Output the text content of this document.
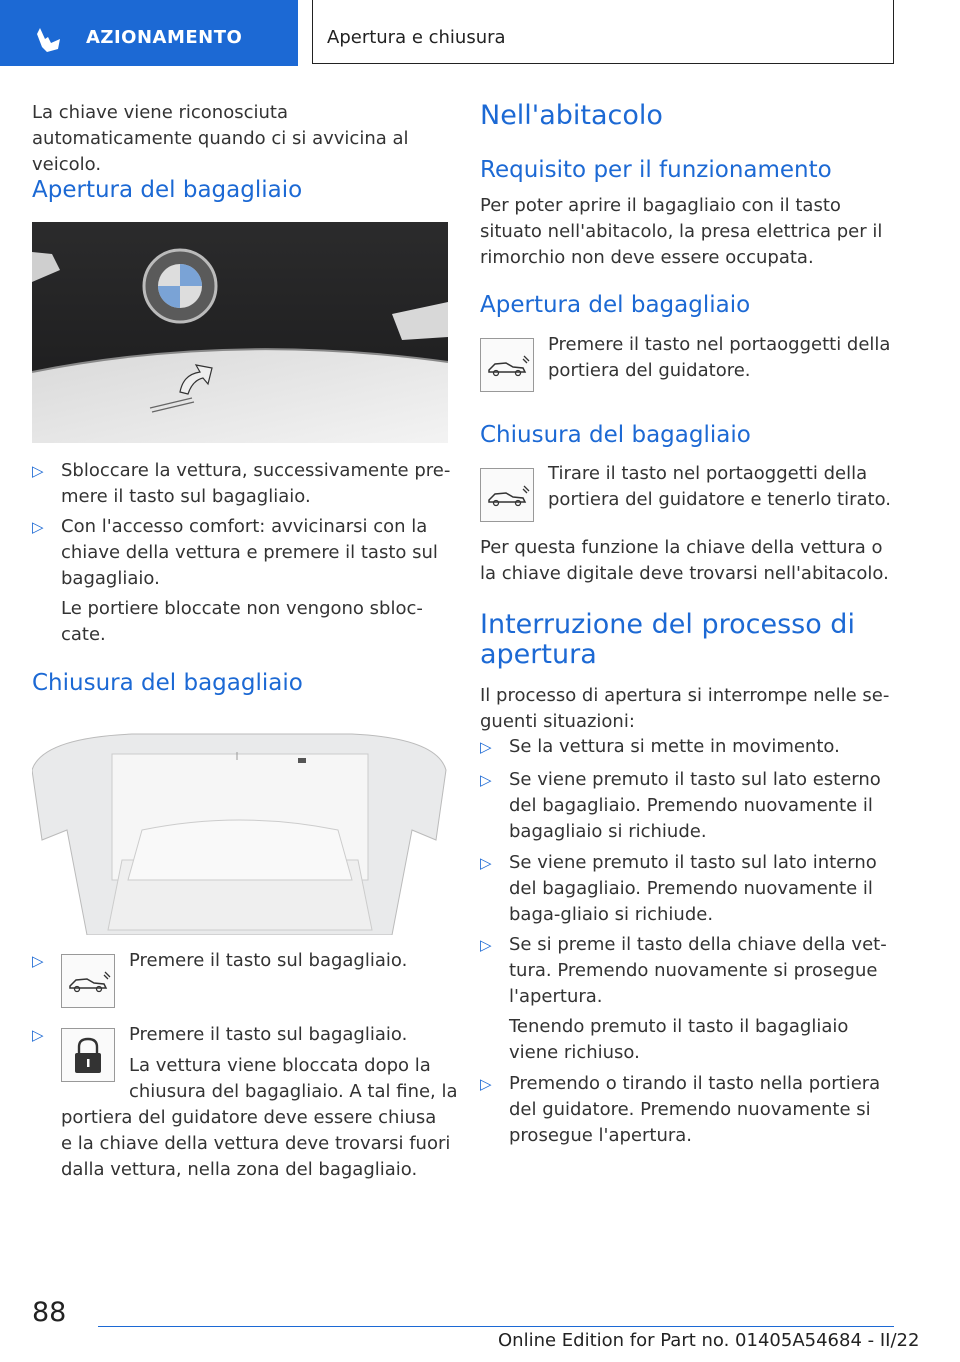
AZIONAMENTO	Apertura e chiusura

La chiave viene riconosciuta automaticamente quando ci si avvicina al veicolo.

Apertura del bagagliaio
▷ Sbloccare la vettura, successivamente pre-mere il tasto sul bagagliaio.
▷ Con l'accesso comfort: avvicinarsi con la chiave della vettura e premere il tasto sul bagagliaio.

Le portiere bloccate non vengono sbloc-cate.

Chiusura del bagagliaio
▷	Premere il tasto sul bagagliaio.

▷	Premere il tasto sul bagagliaio.

La vettura viene bloccata dopo la

chiusura del bagagliaio. A tal fine, la

portiera del guidatore deve essere chiusa e la chiave della vettura deve trovarsi fuori dalla vettura, nella zona del bagagliaio.

Nell'abitacolo
Requisito per il funzionamento

Per poter aprire il bagagliaio con il tasto situato nell'abitacolo, la presa elettrica per il rimorchio non deve essere occupata.

Apertura del bagagliaio

Premere il tasto nel portaoggetti della portiera del guidatore.

Chiusura del bagagliaio

Tirare il tasto nel portaoggetti della portiera del guidatore e tenerlo tirato.

Per questa funzione la chiave della vettura o la chiave digitale deve trovarsi nell'abitacolo.

Interruzione del processo di apertura

Il processo di apertura si interrompe nelle se-guenti situazioni:

▷ Se la vettura si mette in movimento.
▷ Se viene premuto il tasto sul lato esterno del bagagliaio. Premendo nuovamente il bagagliaio si richiude.
▷ Se viene premuto il tasto sul lato interno del bagagliaio. Premendo nuovamente il baga-gliaio si richiude.
▷ Se si preme il tasto della chiave della vet-tura. Premendo nuovamente si prosegue l'apertura.

Tenendo premuto il tasto il bagagliaio viene richiuso.

▷ Premendo o tirando il tasto nella portiera del guidatore. Premendo nuovamente si prosegue l'apertura.
88
Online Edition for Part no. 01405A54684 - II/22
